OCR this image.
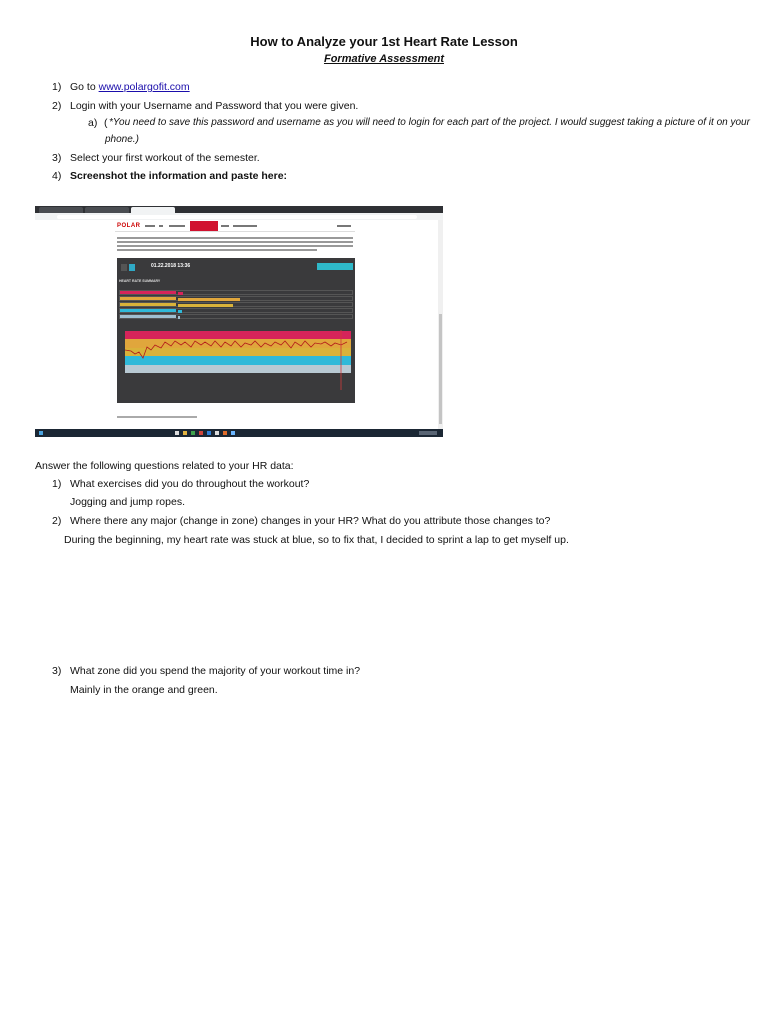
How to Analyze your 1st Heart Rate Lesson
Formative Assessment
1) Go to www.polargofit.com
2) Login with your Username and Password that you were given.
a) ( *You need to save this password and username as you will need to login for each part of the project. I would suggest taking a picture of it on your
phone.)
3) Select your first workout of the semester.
4) Screenshot the information and paste here:
POLAR
01.22.2018 13:36
HEART RATE SUMMARY
Answer the following questions related to your HR data:
1) What exercises did you do throughout the workout?
Jogging and jump ropes.
2) Where there any major (change in zone) changes in your HR? What do you attribute those changes to?
During the beginning, my heart rate was stuck at blue, so to fix that, I decided to sprint a lap to get myself up.
3) What zone did you spend the majority of your workout time in?
Mainly in the orange and green.
